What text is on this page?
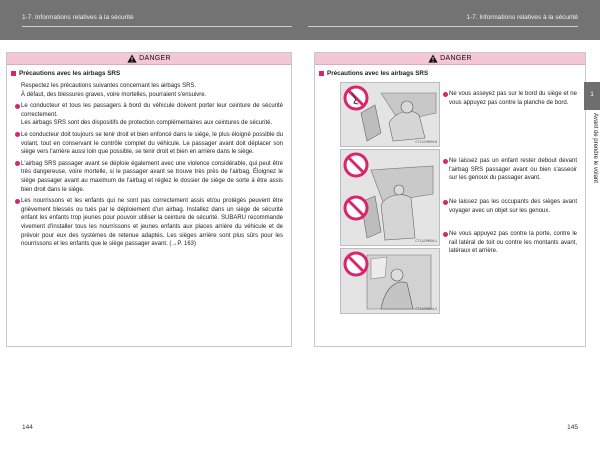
1-7. Informations relatives à la sécurité	1-7. Informations relatives à la sécurité
DANGER
Précautions avec les airbags SRS
Respectez les précautions suivantes concernant les airbags SRS.
À défaut, des blessures graves, voire mortelles, pourraient s'ensuivre.
Le conducteur et tous les passagers à bord du véhicule doivent porter leur ceinture de sécurité correctement.
Les airbags SRS sont des dispositifs de protection complémentaires aux ceintures de sécurité.
Le conducteur doit toujours se tenir droit et bien enfoncé dans le siège, le plus éloigné possible du volant, tout en conservant le contrôle complet du véhicule. Le passager avant doit déplacer son siège vers l'arrière aussi loin que possible, se tenir droit et bien en arrière dans le siège.
L'airbag SRS passager avant se déploie également avec une violence considérable, qui peut être très dangereuse, voire mortelle, si le passager avant se trouve très près de l'airbag. Éloignez le siège passager avant au maximum de l'airbag et réglez le dossier de siège de sorte à être assis bien droit dans le siège.
Les nourrissons et les enfants qui ne sont pas correctement assis et/ou protégés peuvent être grièvement blessés ou tués par le déploiement d'un airbag. Installez dans un siège de sécurité enfant les enfants trop jeunes pour pouvoir utiliser la ceinture de sécurité. SUBARU recommande vivement d'installer tous les nourrissons et jeunes enfants aux places arrière du véhicule et de prévoir pour eux des systèmes de retenue adaptés. Les sièges arrière sont plus sûrs pour les nourrissons et les enfants que le siège passager avant. (→P. 163)
DANGER
Précautions avec les airbags SRS
CT11CM0010
CT11CM0011
CT11CM0012
Ne vous asseyez pas sur le bord du siège et ne vous appuyez pas contre la planche de bord.
Ne laissez pas un enfant rester debout devant l'airbag SRS passager avant ou bien s'asseoir sur les genoux du passager avant.
Ne laissez pas les occupants des sièges avant voyager avec un objet sur les genoux.
Ne vous appuyez pas contre la porte, contre le rail latéral de toit ou contre les montants avant, latéraux et arrière.
1
Avant de prendre le volant
144	145
